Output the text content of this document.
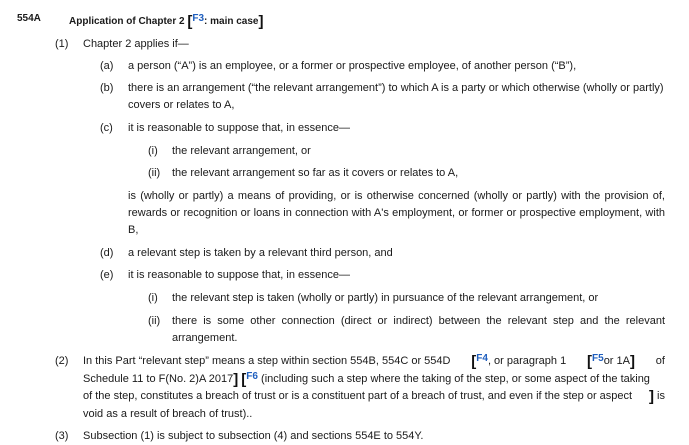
554A	Application of Chapter 2 [F3: main case]
(1) Chapter 2 applies if—
(a) a person (“A”) is an employee, or a former or prospective employee, of another person (“B”),
(b) there is an arrangement (“the relevant arrangement”) to which A is a party or which otherwise (wholly or partly)
covers or relates to A,
(c) it is reasonable to suppose that, in essence—
(i) the relevant arrangement, or
(ii) the relevant arrangement so far as it covers or relates to A,
is (wholly or partly) a means of providing, or is otherwise concerned (wholly or partly) with the provision of,
rewards or recognition or loans in connection with A's employment, or former or prospective employment, with
B,
(d) a relevant step is taken by a relevant third person, and
(e) it is reasonable to suppose that, in essence—
(i) the relevant step is taken (wholly or partly) in pursuance of the relevant arrangement, or
(ii) there is some other connection (direct or indirect) between the relevant step and the relevant
arrangement.
(2) In this Part “relevant step” means a step within section 554B, 554C or 554D [F4, or paragraph 1 [F5or 1A] of
Schedule 11 to F(No. 2)A 2017] [F6 (including such a step where the taking of the step, or some aspect of the taking
of the step, constitutes a breach of trust or is a constituent part of a breach of trust, and even if the step or aspect ] is
void as a result of breach of trust)..
(3) Subsection (1) is subject to subsection (4) and sections 554E to 554Y.
